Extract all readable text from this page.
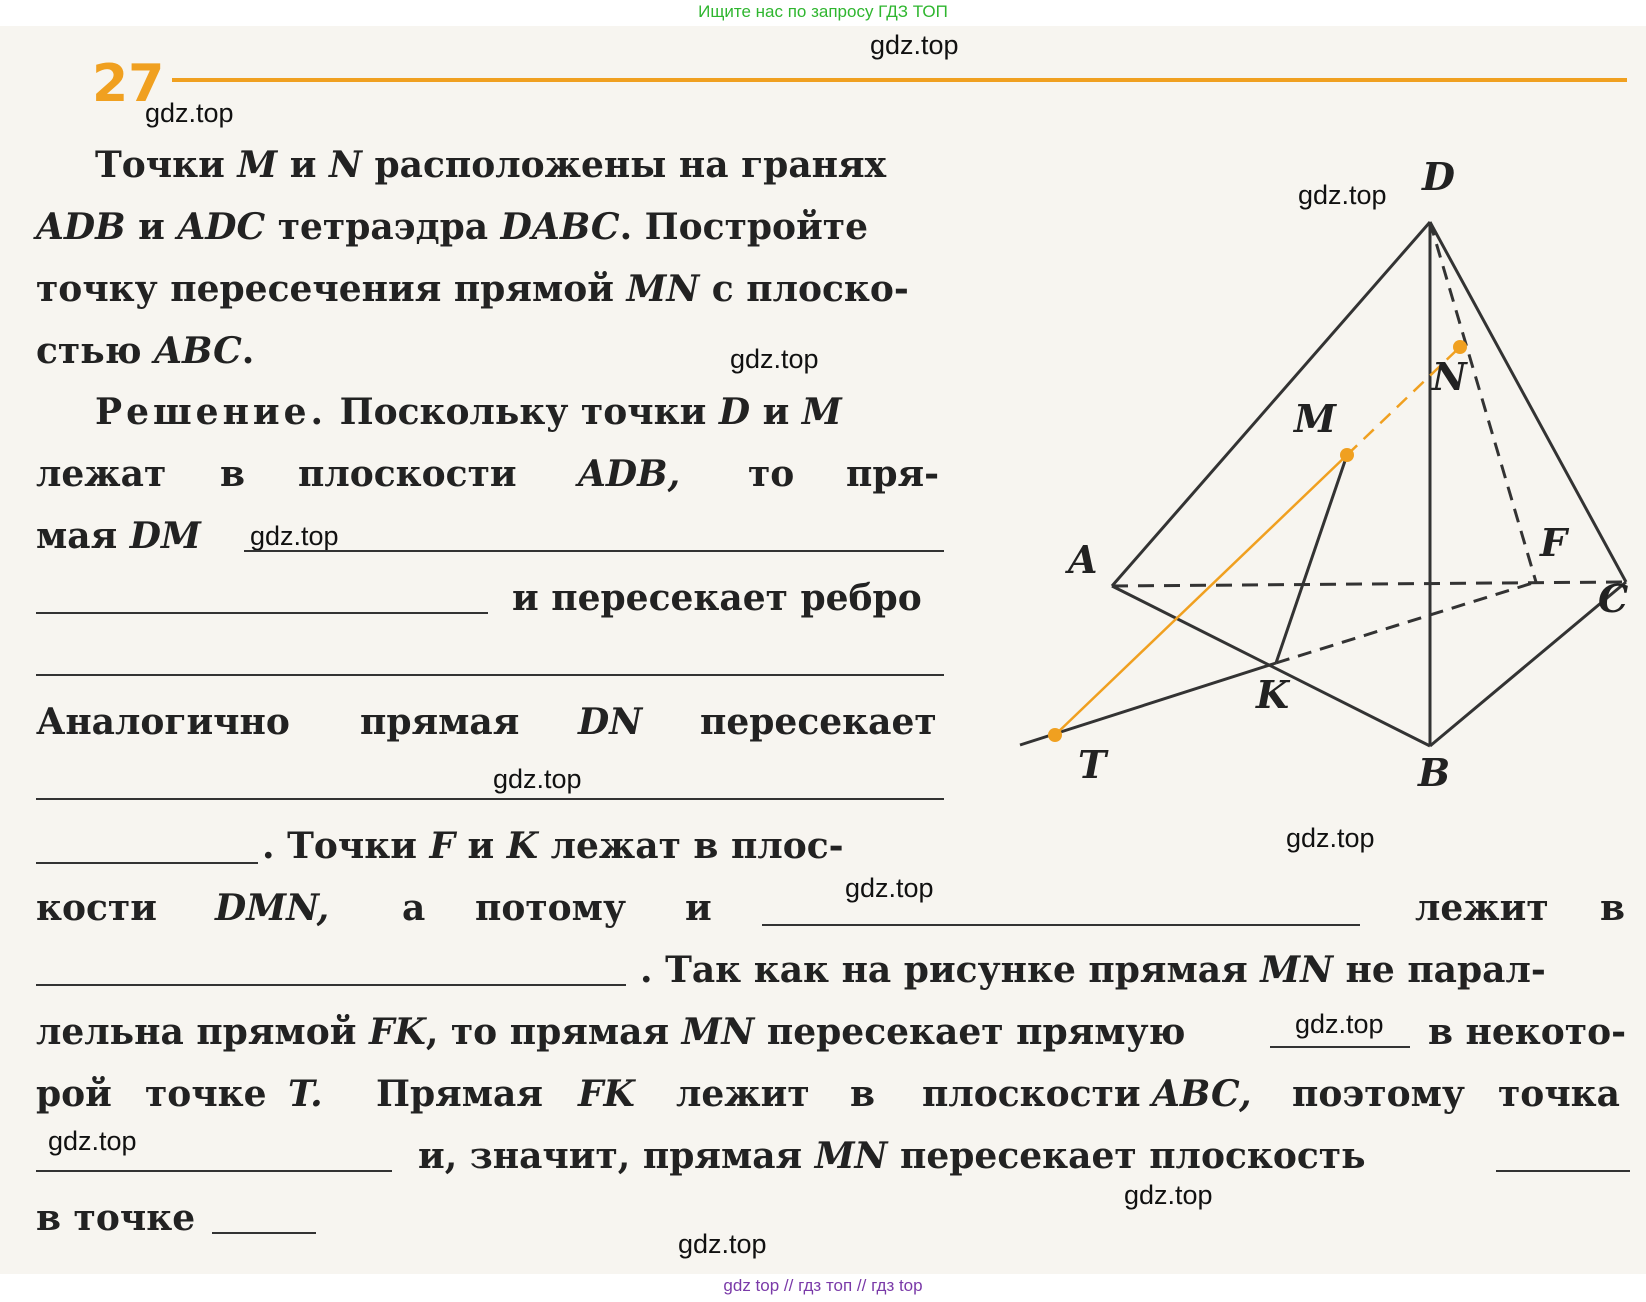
Ищите нас по запросу ГДЗ ТОП
27
gdz.top
gdz.top
gdz.top
gdz.top
gdz.top
gdz.top
gdz.top
gdz.top
gdz.top
gdz.top
gdz.top
gdz.top
Точки M и N расположены на гранях
ADB и ADC тетраэдра DABC. Постройте
точку пересечения прямой MN с плоско-
стью ABC.
Решение. Поскольку точки D и M
лежат в плоскости ADB, то пря-
мая DM
и пересекает ребро
Аналогично прямая DN пересекает
. Точки F и K лежат в плос-
кости DMN, а потому и	лежит в
. Так как на рисунке прямая MN не парал-
лельна прямой FK, то прямая MN пересекает прямую	в некото-
рой точке T. Прямая FK лежит в плоскости ABC, поэтому точка
и, значит, прямая MN пересекает плоскость
в точке
D
A
B
C
M
N
F
K
T
gdz top // гдз топ // гдз top
